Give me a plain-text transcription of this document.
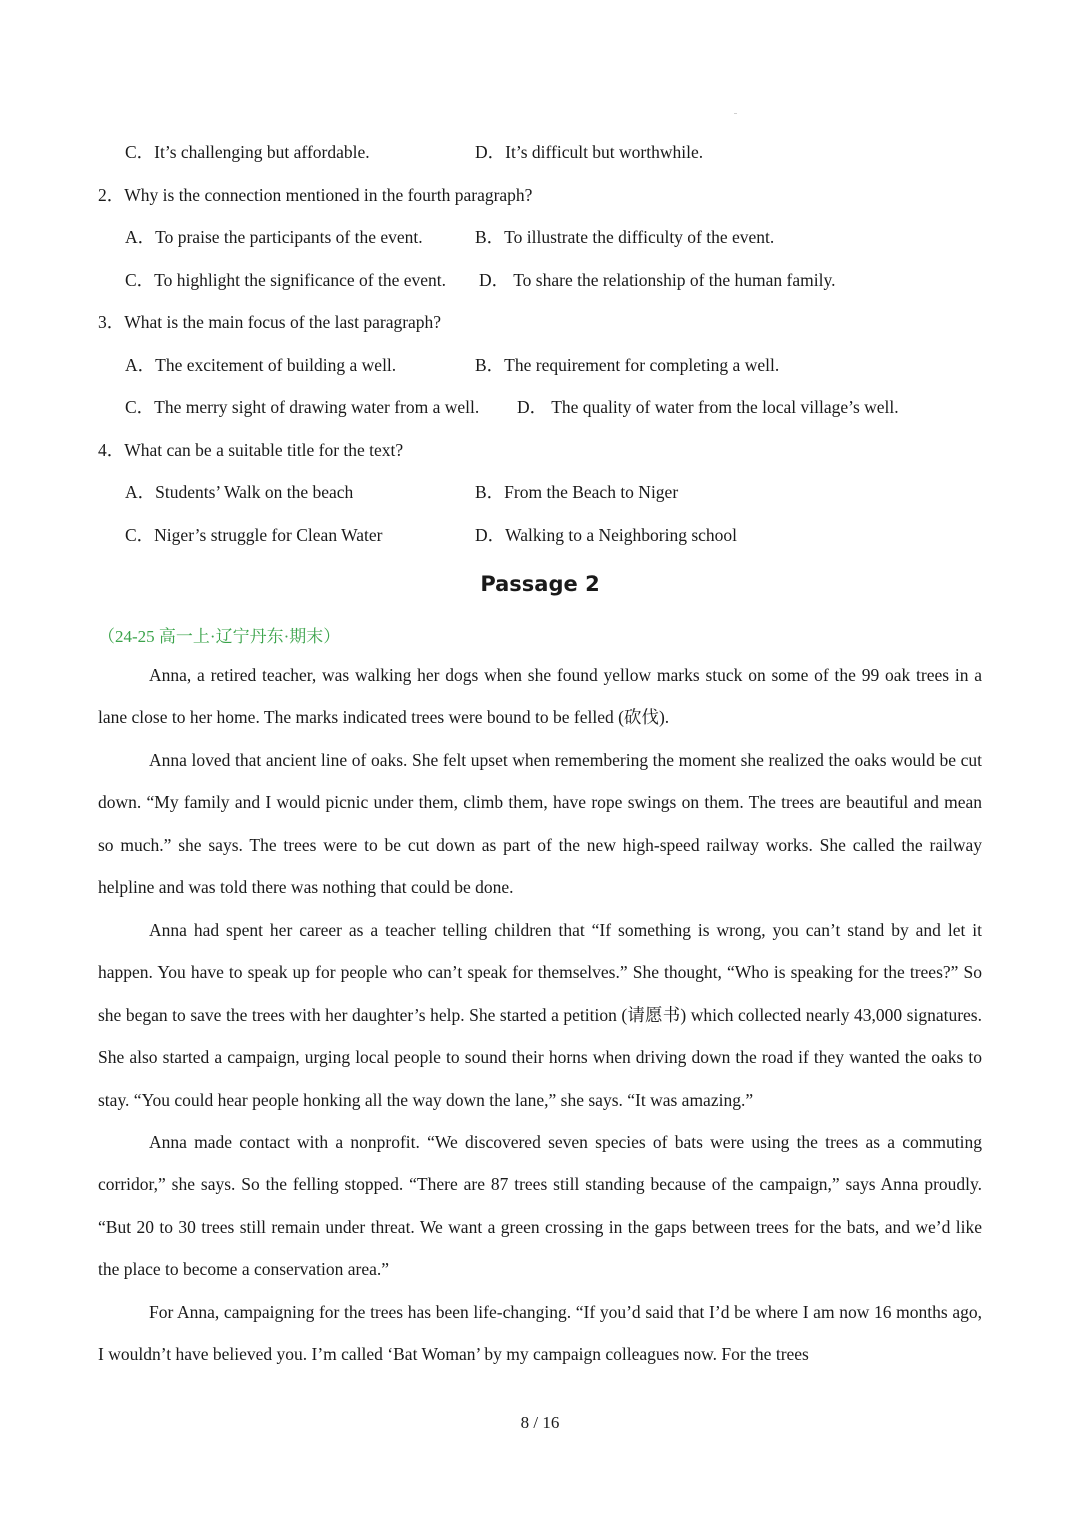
C．It’s challenging but affordable.	D．It’s difficult but worthwhile.
2．Why is the connection mentioned in the fourth paragraph?
A．To praise the participants of the event.	B．To illustrate the difficulty of the event.
C．To highlight the significance of the event. D． To share the relationship of the human family.
3．What is the main focus of the last paragraph?
A．The excitement of building a well.	B．The requirement for completing a well.
C．The merry sight of drawing water from a well. D． The quality of water from the local village’s well.
4．What can be a suitable title for the text?
A．Students’ Walk on the beach	B．From the Beach to Niger
C．Niger’s struggle for Clean Water	D．Walking to a Neighboring school
Passage 2
（24-25 高一上·辽宁丹东·期末）

Anna, a retired teacher, was walking her dogs when she found yellow marks stuck on some of the 99 oak trees in a lane close to her home. The marks indicated trees were bound to be felled (砍伐).

Anna loved that ancient line of oaks. She felt upset when remembering the moment she realized the oaks would be cut down. “My family and I would picnic under them, climb them, have rope swings on them. The trees are beautiful and mean so much.” she says. The trees were to be cut down as part of the new high-speed railway works. She called the railway helpline and was told there was nothing that could be done.

Anna had spent her career as a teacher telling children that “If something is wrong, you can’t stand by and let it happen. You have to speak up for people who can’t speak for themselves.” She thought, “Who is speaking for the trees?” So she began to save the trees with her daughter’s help. She started a petition (请愿书) which collected nearly 43,000 signatures. She also started a campaign, urging local people to sound their horns when driving down the road if they wanted the oaks to stay. “You could hear people honking all the way down the lane,” she says. “It was amazing.”

Anna made contact with a nonprofit. “We discovered seven species of bats were using the trees as a commuting corridor,” she says. So the felling stopped. “There are 87 trees still standing because of the campaign,” says Anna proudly. “But 20 to 30 trees still remain under threat. We want a green crossing in the gaps between trees for the bats, and we’d like the place to become a conservation area.”

For Anna, campaigning for the trees has been life-changing. “If you’d said that I’d be where I am now 16 months ago, I wouldn’t have believed you. I’m called ‘Bat Woman’ by my campaign colleagues now. For the trees

8 / 16
